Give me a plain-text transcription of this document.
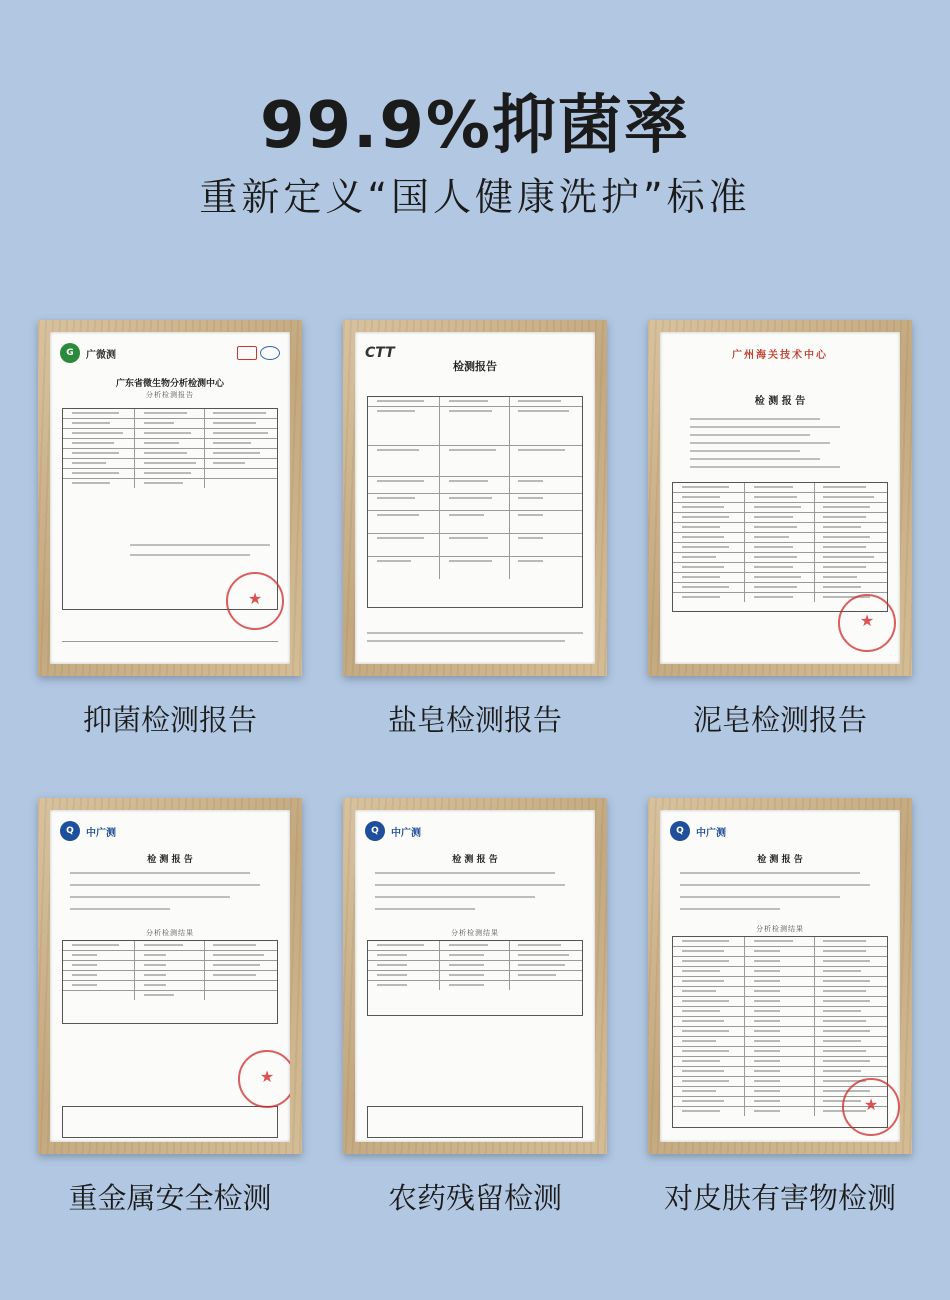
99.9%抑菌率
重新定义“国人健康洗护”标准
G	广微测
广东省微生物分析检测中心
分析检测报告
★
抑菌检测报告
CTT
检测报告
盐皂检测报告
广州海关技术中心
检 测 报 告
★
泥皂检测报告
Q	中广测
检 测 报 告
分析检测结果
★
重金属安全检测
Q	中广测
检 测 报 告
分析检测结果
农药残留检测
Q	中广测
检 测 报 告
分析检测结果
★
对皮肤有害物检测
